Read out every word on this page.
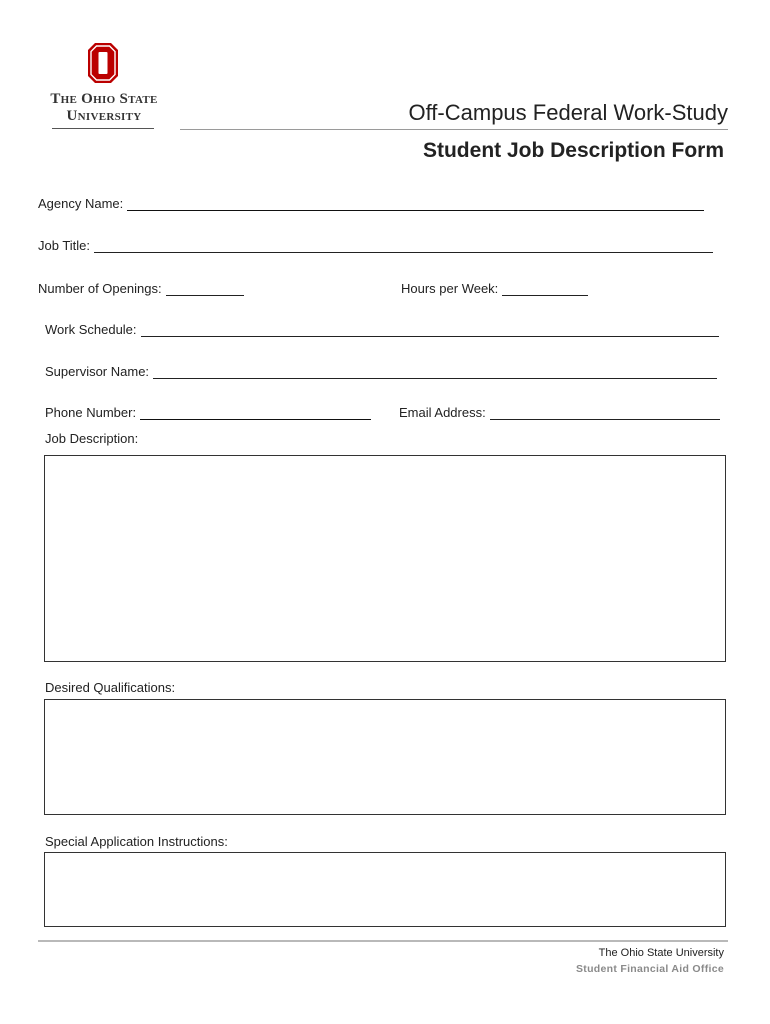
The Ohio State
University	Off-Campus Federal Work-Study
Student Job Description Form
Agency Name:
Job Title:
Number of Openings:	Hours per Week:
Work Schedule:
Supervisor Name:
Phone Number:	Email Address:
Job Description:
Desired Qualifications:
Special Application Instructions:
The Ohio State University
Student Financial Aid Office
